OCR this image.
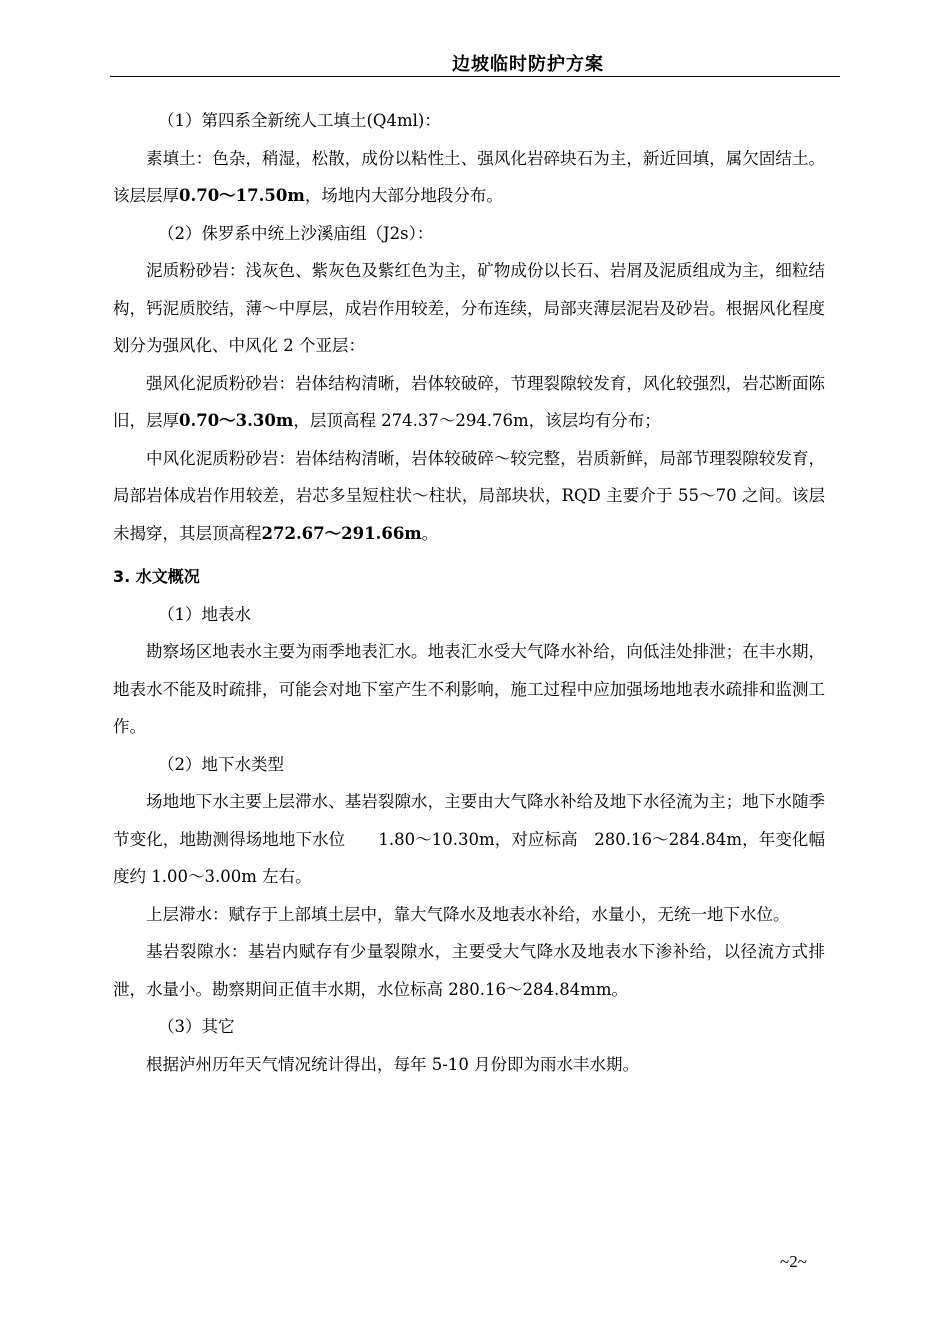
边坡临时防护方案

（1）第四系全新统人工填土(Q4ml)：

素填土：色杂，稍湿，松散，成份以粘性土、强风化岩碎块石为主，新近回填，属欠固结土。该层层厚0.70～17.50m，场地内大部分地段分布。

（2）侏罗系中统上沙溪庙组（J2s）：

泥质粉砂岩：浅灰色、紫灰色及紫红色为主，矿物成份以长石、岩屑及泥质组成为主，细粒结构，钙泥质胶结，薄～中厚层，成岩作用较差，分布连续，局部夹薄层泥岩及砂岩。根据风化程度划分为强风化、中风化 2 个亚层：

强风化泥质粉砂岩：岩体结构清晰，岩体较破碎，节理裂隙较发育，风化较强烈，岩芯断面陈旧，层厚0.70～3.30m，层顶高程 274.37～294.76m，该层均有分布；

中风化泥质粉砂岩：岩体结构清晰，岩体较破碎～较完整，岩质新鲜，局部节理裂隙较发育，局部岩体成岩作用较差，岩芯多呈短柱状～柱状，局部块状，RQD 主要介于 55～70 之间。该层未揭穿，其层顶高程272.67～291.66m。

3. 水文概况

（1）地表水

勘察场区地表水主要为雨季地表汇水。地表汇水受大气降水补给，向低洼处排泄；在丰水期，地表水不能及时疏排，可能会对地下室产生不利影响，施工过程中应加强场地地表水疏排和监测工作。

（2）地下水类型

场地地下水主要上层滞水、基岩裂隙水，主要由大气降水补给及地下水径流为主；地下水随季节变化，地勘测得场地地下水位　　1.80～10.30m，对应标高　280.16～284.84m，年变化幅度约 1.00～3.00m 左右。

上层滞水：赋存于上部填土层中，靠大气降水及地表水补给，水量小，无统一地下水位。

基岩裂隙水：基岩内赋存有少量裂隙水，主要受大气降水及地表水下渗补给，以径流方式排泄，水量小。勘察期间正值丰水期，水位标高 280.16～284.84mm。

（3）其它

根据泸州历年天气情况统计得出，每年 5-10 月份即为雨水丰水期。

~2~
